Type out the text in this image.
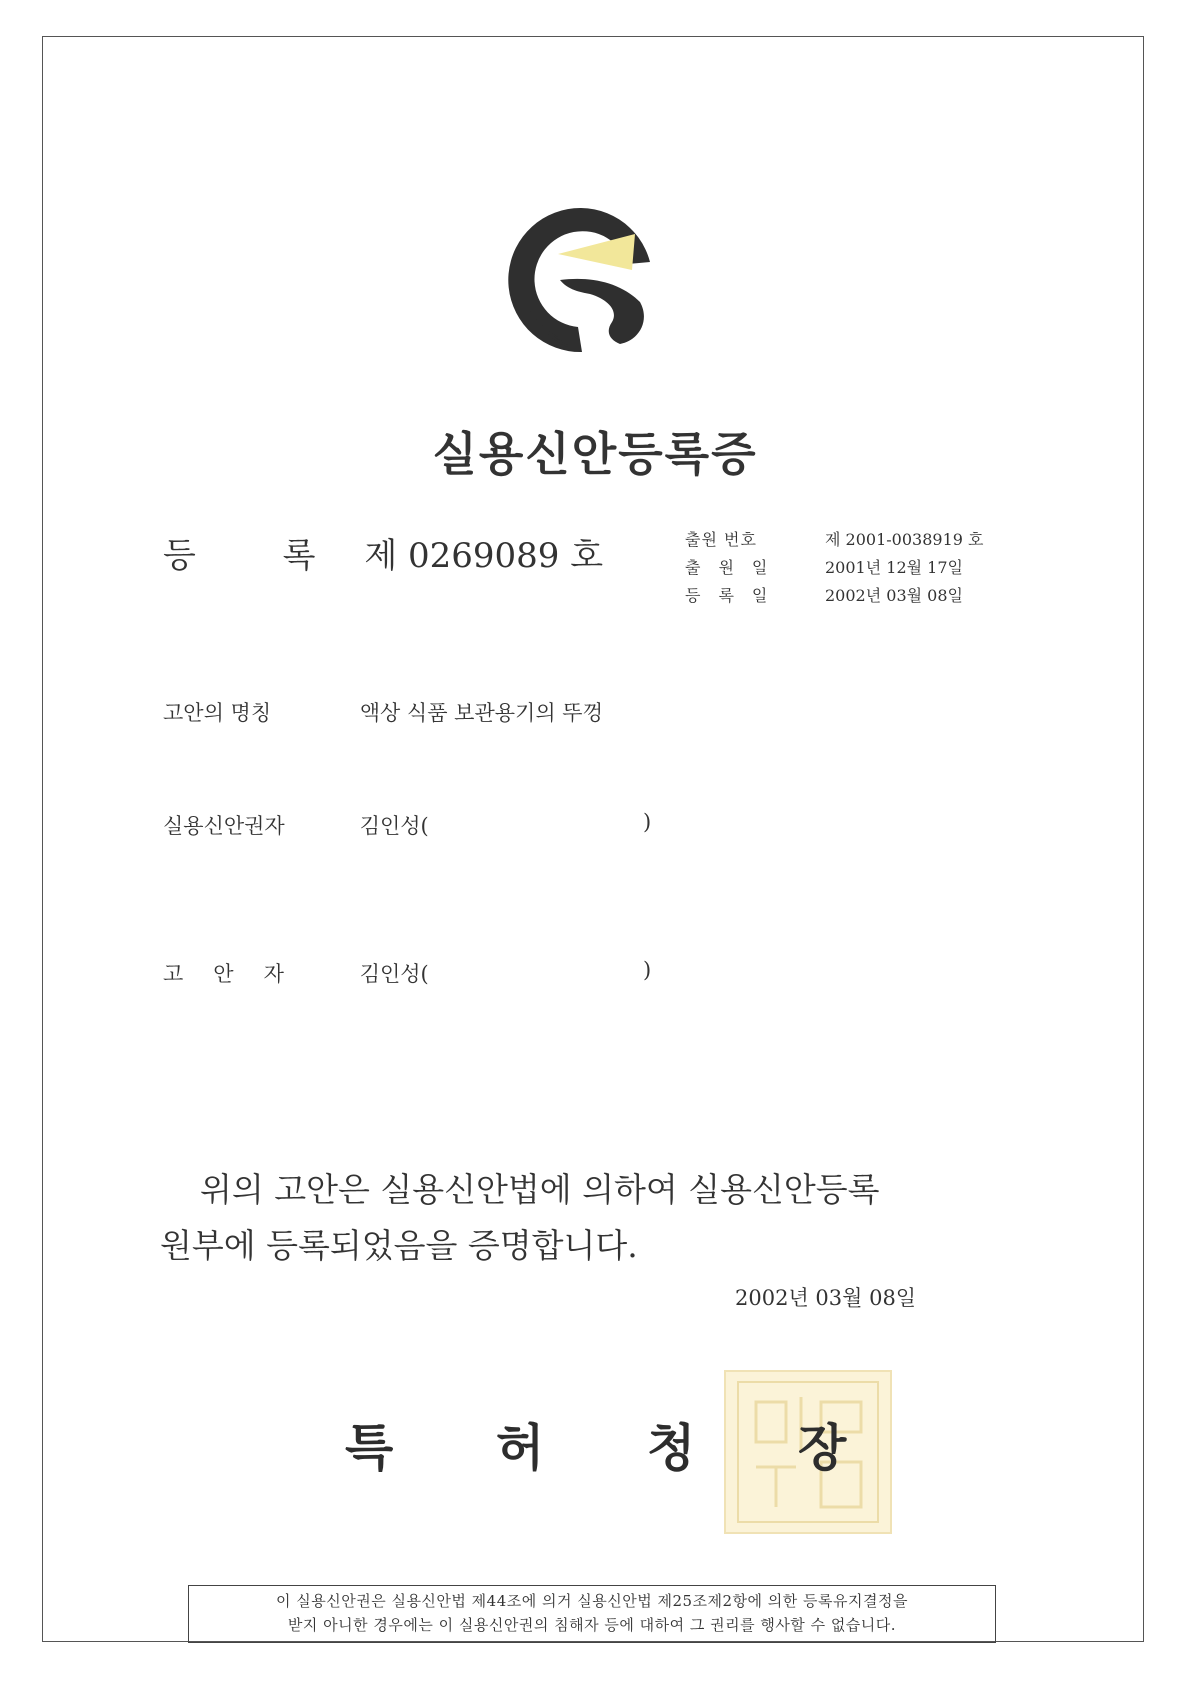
실용신안등록증
등 록 제 0269089 호	출원 번호	제 2001-0038919 호
출원일	2001년 12월 17일
등록일	2002년 03월 08일
고안의 명칭	액상 식품 보관용기의 뚜껑
실용신안권자	김인성(	)
고안자 김인성(	)
위의 고안은 실용신안법에 의하여 실용신안등록
원부에 등록되었음을 증명합니다.
2002년 03월 08일
특 허 청 장
이 실용신안권은 실용신안법 제44조에 의거 실용신안법 제25조제2항에 의한 등록유지결정을
받지 아니한 경우에는 이 실용신안권의 침해자 등에 대하여 그 권리를 행사할 수 없습니다.
